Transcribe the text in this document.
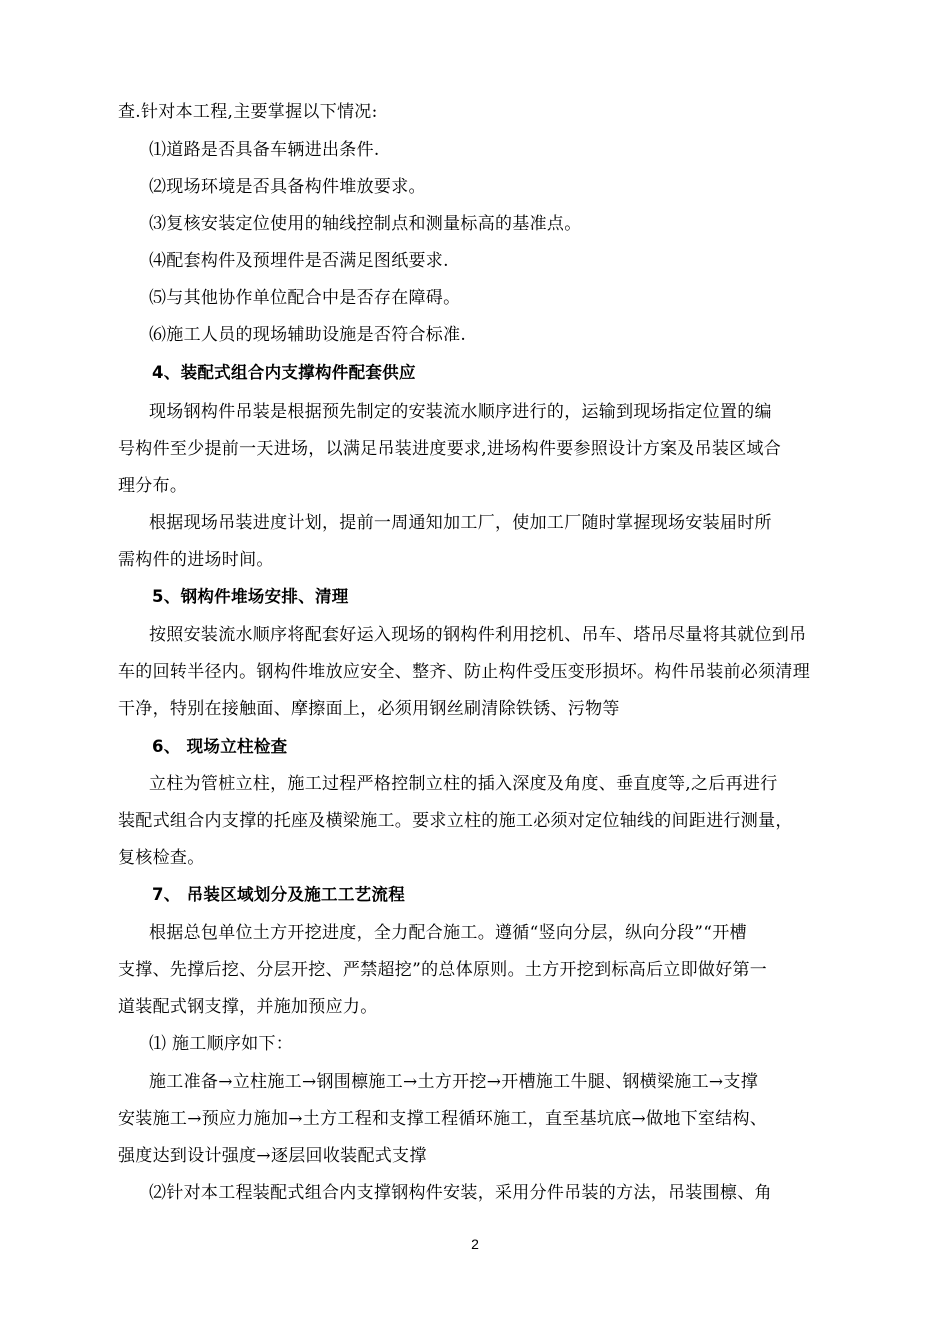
查.针对本工程,主要掌握以下情况:
⑴道路是否具备车辆进出条件.
⑵现场环境是否具备构件堆放要求。
⑶复核安装定位使用的轴线控制点和测量标高的基准点。
⑷配套构件及预埋件是否满足图纸要求.
⑸与其他协作单位配合中是否存在障碍。
⑹施工人员的现场辅助设施是否符合标准.
4、装配式组合内支撑构件配套供应
现场钢构件吊装是根据预先制定的安装流水顺序进行的，运输到现场指定位置的编
号构件至少提前一天进场，以满足吊装进度要求,进场构件要参照设计方案及吊装区域合
理分布。
根据现场吊装进度计划，提前一周通知加工厂，使加工厂随时掌握现场安装届时所
需构件的进场时间。
5、钢构件堆场安排、清理
按照安装流水顺序将配套好运入现场的钢构件利用挖机、吊车、塔吊尽量将其就位到吊
车的回转半径内。钢构件堆放应安全、整齐、防止构件受压变形损坏。构件吊装前必须清理
干净，特别在接触面、摩擦面上，必须用钢丝刷清除铁锈、污物等
6、 现场立柱检查
立柱为管桩立柱，施工过程严格控制立柱的插入深度及角度、垂直度等,之后再进行
装配式组合内支撑的托座及横梁施工。要求立柱的施工必须对定位轴线的间距进行测量，
复核检查。
7、 吊装区域划分及施工工艺流程
根据总包单位土方开挖进度，全力配合施工。遵循“竖向分层，纵向分段”“开槽
支撑、先撑后挖、分层开挖、严禁超挖”的总体原则。土方开挖到标高后立即做好第一
道装配式钢支撑，并施加预应力。
⑴ 施工顺序如下：
施工准备→立柱施工→钢围檩施工→土方开挖→开槽施工牛腿、钢横梁施工→支撑
安装施工→预应力施加→土方工程和支撑工程循环施工，直至基坑底→做地下室结构、
强度达到设计强度→逐层回收装配式支撑
⑵针对本工程装配式组合内支撑钢构件安装，采用分件吊装的方法，吊装围檩、角
2
